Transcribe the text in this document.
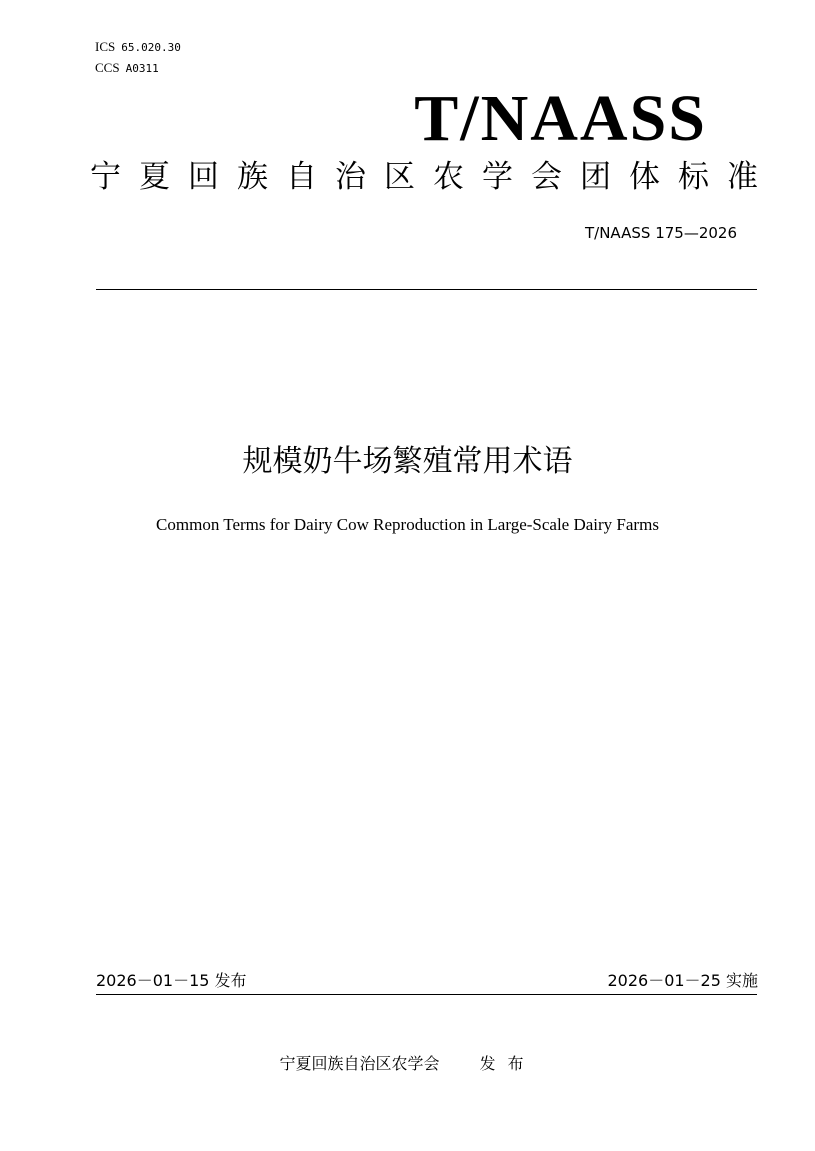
ICS 65.020.30
CCS A0311
T/NAASS
宁 夏 回 族 自 治 区 农 学 会 团 体 标 准
T/NAASS 175—2026
规模奶牛场繁殖常用术语
Common Terms for Dairy Cow Reproduction in Large-Scale Dairy Farms
2026－01－15 发布	2026－01－25 实施
宁夏回族自治区农学会	发布
